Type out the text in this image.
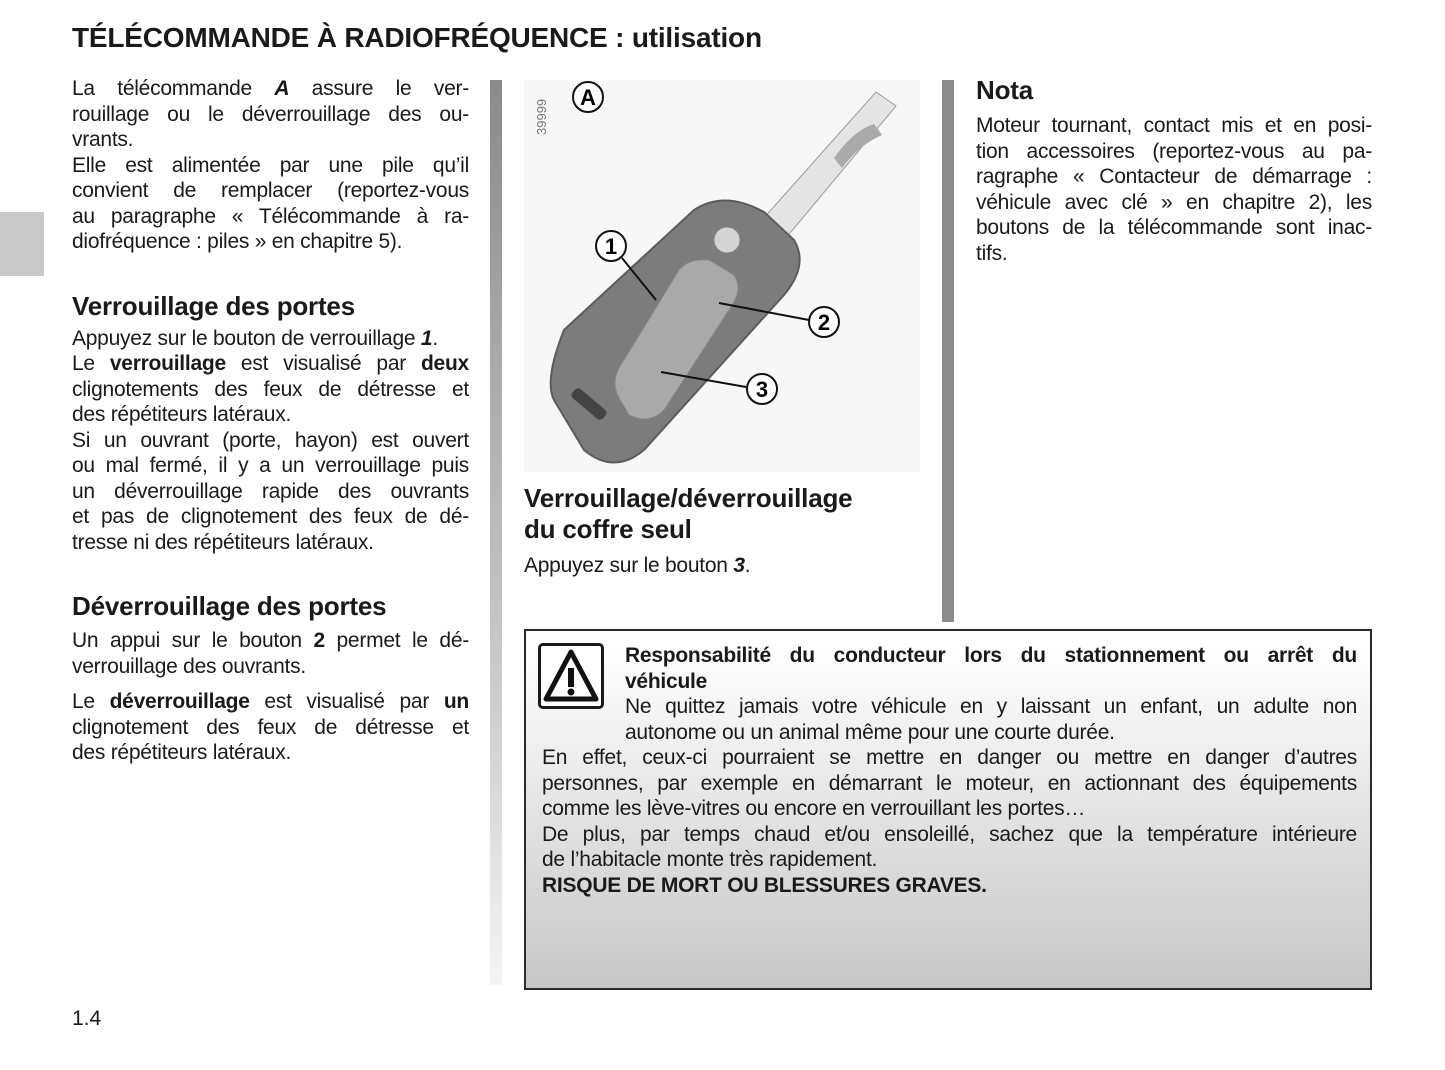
TÉLÉCOMMANDE À RADIOFRÉQUENCE : utilisation
La télécommande A assure le ver-
rouillage ou le déverrouillage des ou-
vrants.
Elle est alimentée par une pile qu’il
convient de remplacer (reportez-vous
au paragraphe « Télécommande à ra-
diofréquence : piles » en chapitre 5).
Verrouillage des portes
Appuyez sur le bouton de verrouillage 1.
Le verrouillage est visualisé par deux
clignotements des feux de détresse et
des répétiteurs latéraux.
Si un ouvrant (porte, hayon) est ouvert
ou mal fermé, il y a un verrouillage puis
un déverrouillage rapide des ouvrants
et pas de clignotement des feux de dé-
tresse ni des répétiteurs latéraux.
Déverrouillage des portes
Un appui sur le bouton 2 permet le dé-
verrouillage des ouvrants.
Le déverrouillage est visualisé par un
clignotement des feux de détresse et
des répétiteurs latéraux.
39999
A
1
2
3
Verrouillage/déverrouillage
du coffre seul
Appuyez sur le bouton 3.
Nota
Moteur tournant, contact mis et en posi-
tion accessoires (reportez-vous au pa-
ragraphe « Contacteur de démarrage :
véhicule avec clé » en chapitre 2), les
boutons de la télécommande sont inac-
tifs.
Responsabilité du conducteur lors du stationnement ou arrêt du
véhicule
Ne quittez jamais votre véhicule en y laissant un enfant, un adulte non
autonome ou un animal même pour une courte durée.
En effet, ceux-ci pourraient se mettre en danger ou mettre en danger d’autres
personnes, par exemple en démarrant le moteur, en actionnant des équipements
comme les lève-vitres ou encore en verrouillant les portes…
De plus, par temps chaud et/ou ensoleillé, sachez que la température intérieure
de l’habitacle monte très rapidement.
RISQUE DE MORT OU BLESSURES GRAVES.
1.4
